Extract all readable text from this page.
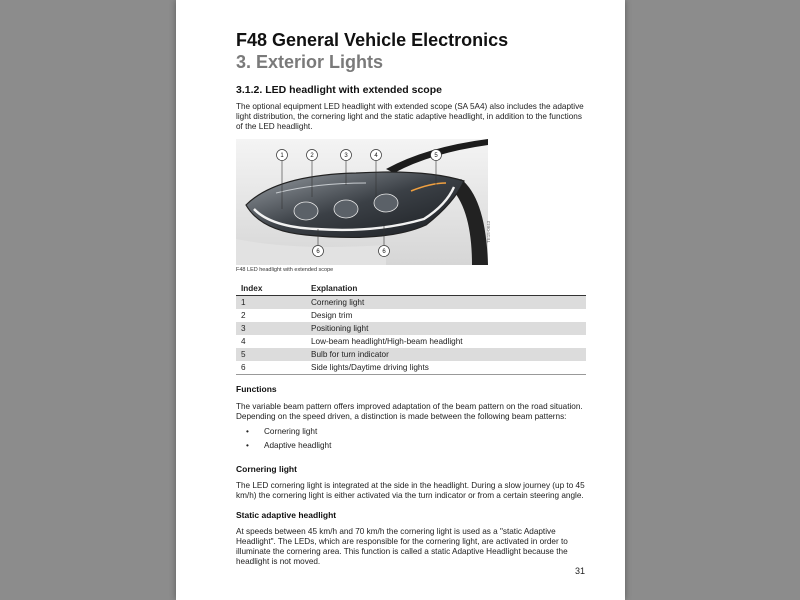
F48 General Vehicle Electronics
3. Exterior Lights
3.1.2. LED headlight with extended scope
The optional equipment LED headlight with extended scope (SA 5A4) also includes the adaptive light distribution, the cornering light and the static adaptive headlight, in addition to the functions of the LED headlight.
1	2	3	4	5
6	6
TE15-0643
F48 LED headlight with extended scope
Index	Explanation
1	Cornering light
2	Design trim
3	Positioning light
4	Low-beam headlight/High-beam headlight
5	Bulb for turn indicator
6	Side lights/Daytime driving lights
Functions
The variable beam pattern offers improved adaptation of the beam pattern on the road situation. Depending on the speed driven, a distinction is made between the following beam patterns:
• Cornering light
• Adaptive headlight
Cornering light
The LED cornering light is integrated at the side in the headlight. During a slow journey (up to 45 km/h) the cornering light is either activated via the turn indicator or from a certain steering angle.
Static adaptive headlight
At speeds between 45 km/h and 70 km/h the cornering light is used as a "static Adaptive Headlight". The LEDs, which are responsible for the cornering light, are activated in order to illuminate the cornering area. This function is called a static Adaptive Headlight because the headlight is not moved.
31
